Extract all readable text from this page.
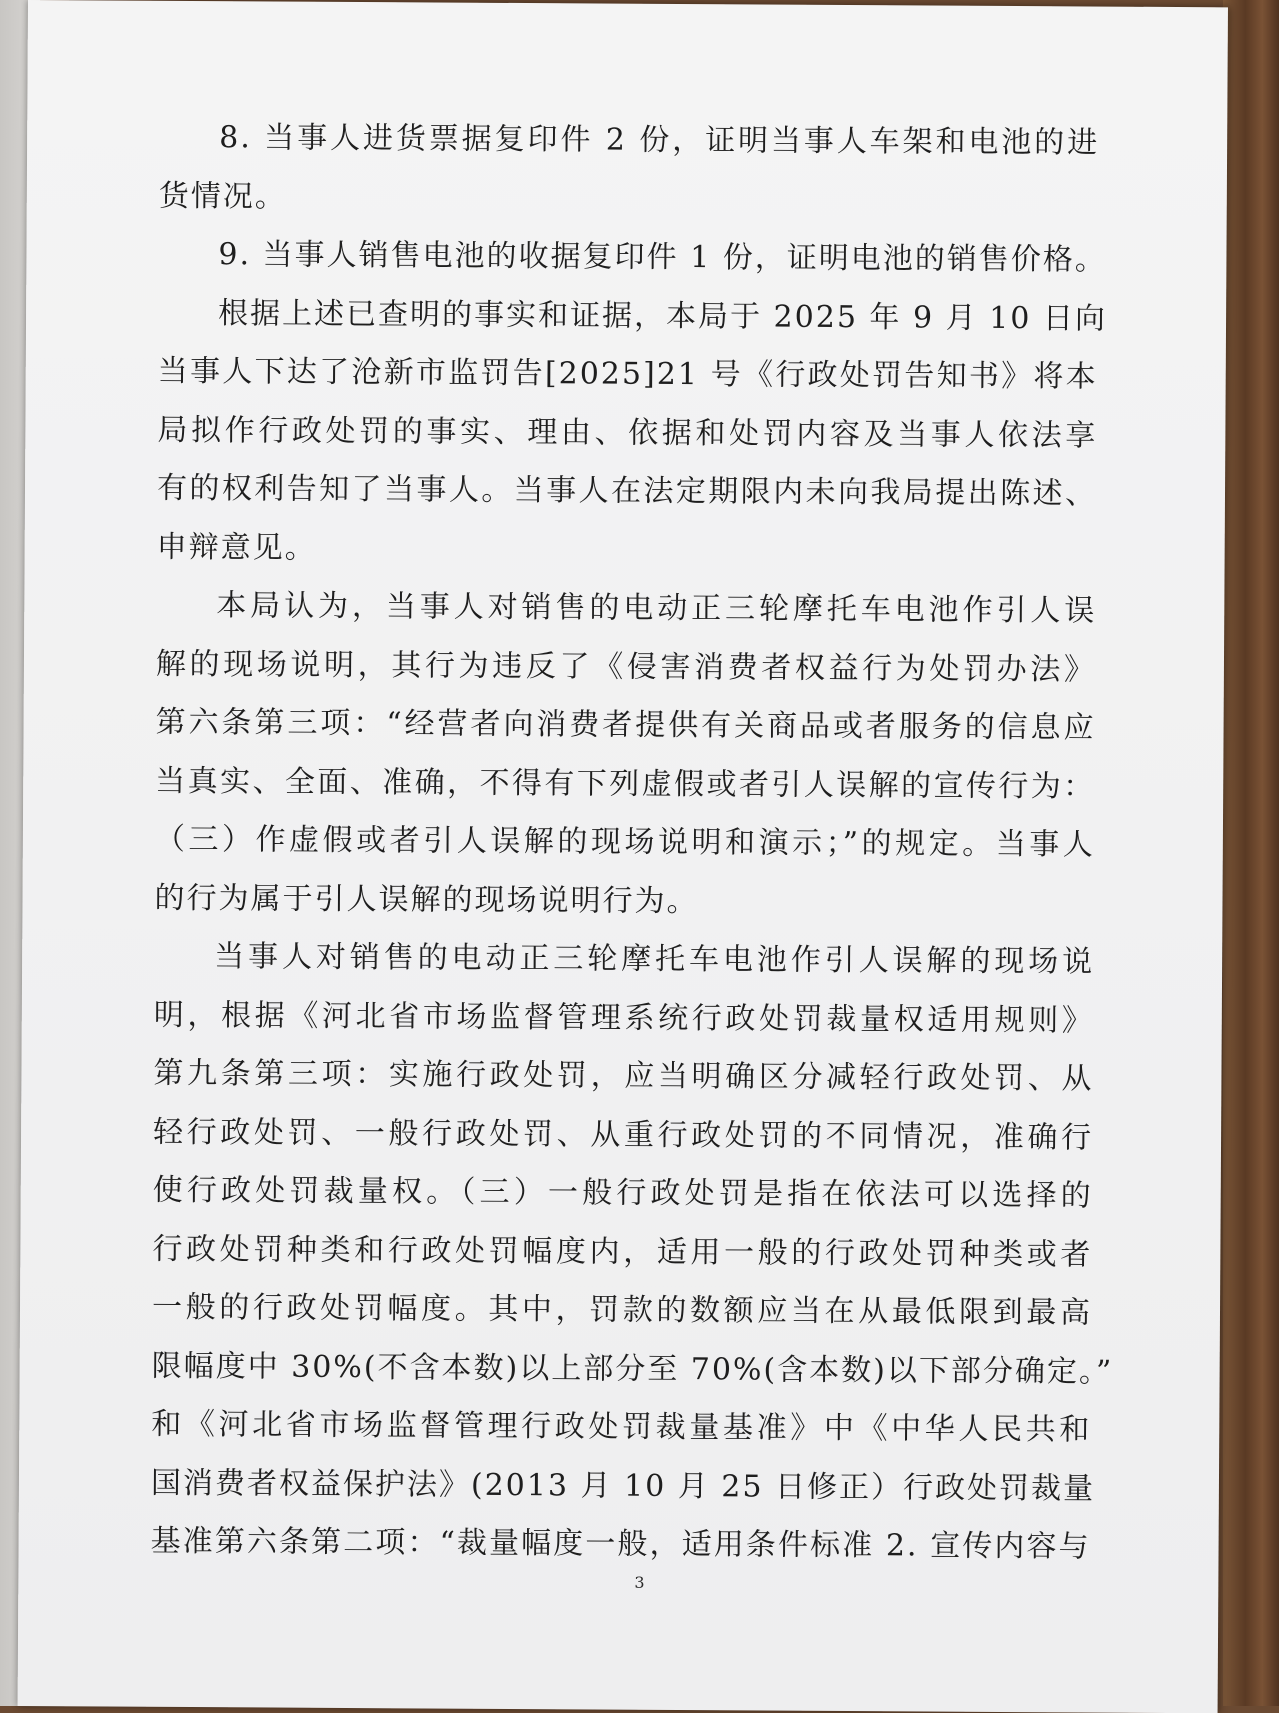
8. 当事人进货票据复印件 2 份，证明当事人车架和电池的进
货情况。
9. 当事人销售电池的收据复印件 1 份，证明电池的销售价格。
根据上述已查明的事实和证据，本局于 2025 年 9 月 10 日向
当事人下达了沧新市监罚告[2025]21 号《行政处罚告知书》将本
局拟作行政处罚的事实、理由、依据和处罚内容及当事人依法享
有的权利告知了当事人。当事人在法定期限内未向我局提出陈述、
申辩意见。
本局认为，当事人对销售的电动正三轮摩托车电池作引人误
解的现场说明，其行为违反了《侵害消费者权益行为处罚办法》
第六条第三项：“经营者向消费者提供有关商品或者服务的信息应
当真实、全面、准确，不得有下列虚假或者引人误解的宣传行为：
（三）作虚假或者引人误解的现场说明和演示；”的规定。当事人
的行为属于引人误解的现场说明行为。
当事人对销售的电动正三轮摩托车电池作引人误解的现场说
明，根据《河北省市场监督管理系统行政处罚裁量权适用规则》
第九条第三项：实施行政处罚，应当明确区分减轻行政处罚、从
轻行政处罚、一般行政处罚、从重行政处罚的不同情况，准确行
使行政处罚裁量权。（三）一般行政处罚是指在依法可以选择的
行政处罚种类和行政处罚幅度内，适用一般的行政处罚种类或者
一般的行政处罚幅度。其中，罚款的数额应当在从最低限到最高
限幅度中 30%(不含本数)以上部分至 70%(含本数)以下部分确定。”
和《河北省市场监督管理行政处罚裁量基准》中《中华人民共和
国消费者权益保护法》(2013 月 10 月 25 日修正）行政处罚裁量
基准第六条第二项：“裁量幅度一般，适用条件标准 2. 宣传内容与
3
